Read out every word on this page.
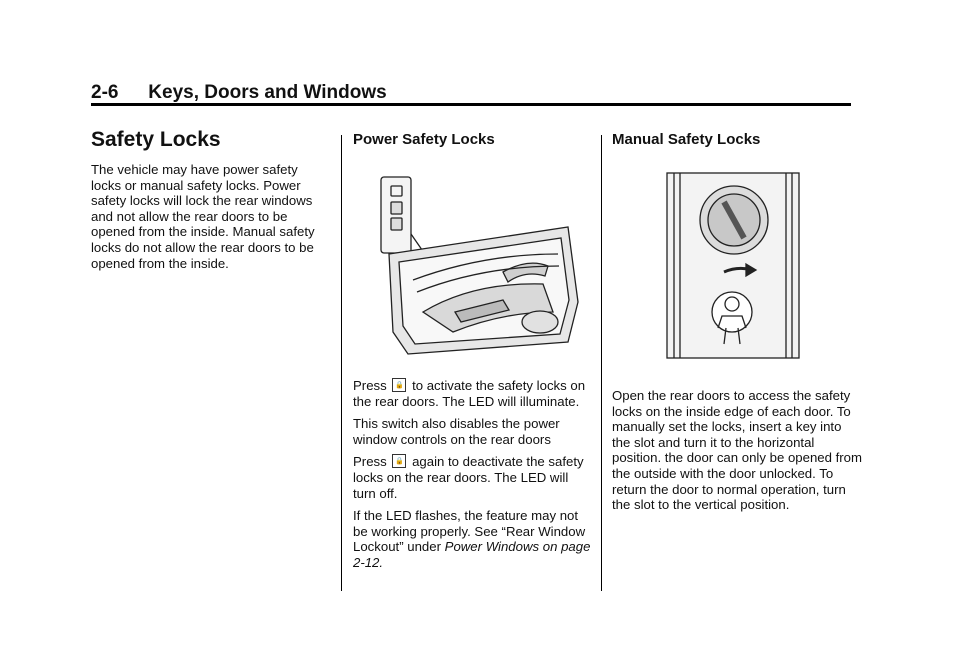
2-6 Keys, Doors and Windows
Safety Locks

The vehicle may have power safety locks or manual safety locks. Power safety locks will lock the rear windows and not allow the rear doors to be opened from the inside. Manual safety locks do not allow the rear doors to be opened from the inside.

Power Safety Locks

Press 🔒 to activate the safety locks on the rear doors. The LED will illuminate.

This switch also disables the power window controls on the rear doors

Press 🔒 again to deactivate the safety locks on the rear doors. The LED will turn off.

If the LED flashes, the feature may not be working properly. See “Rear Window Lockout” under Power Windows on page 2-12.

Manual Safety Locks

Open the rear doors to access the safety locks on the inside edge of each door. To manually set the locks, insert a key into the slot and turn it to the horizontal position. the door can only be opened from the outside with the door unlocked. To return the door to normal operation, turn the slot to the vertical position.
